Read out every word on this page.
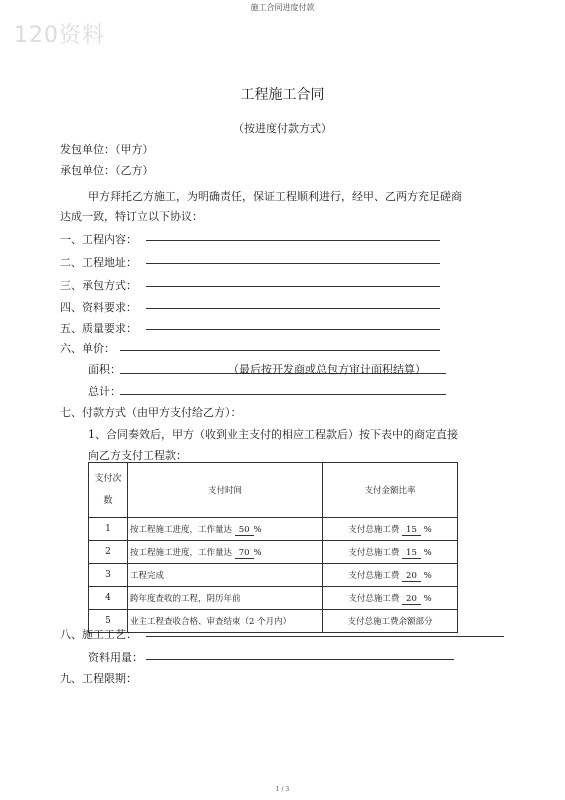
施工合同进度付款
120资料
工程施工合同
（按进度付款方式）
发包单位：（甲方）
承包单位：（乙方）
甲方拜托乙方施工，为明确责任，保证工程顺利进行，经甲、乙两方充足磋商
达成一致，特订立以下协议：
一、工程内容：
二、工程地址：
三、承包方式：
四、资料要求：
五、质量要求：
六、单价：
面积：	（最后按开发商或总包方审计面积结算）
总计：
七、付款方式（由甲方支付给乙方）：
1、合同奏效后，甲方（收到业主支付的相应工程款后）按下表中的商定直接
向乙方支付工程款：
支付次
数	支付时间	支付金额比率
1	按工程施工进度，工作量达 50 %	支付总施工费 15 %
2	按工程施工进度，工作量达 70 %	支付总施工费 15 %
3	工程完成	支付总施工费 20 %
4	跨年度查收的工程，阴历年前	支付总施工费 20 %
5	业主工程查收合格、审查结束（2 个月内）	支付总施工费余额部分
八、施工工艺：
资料用量：
九、工程限期：
1 / 3
